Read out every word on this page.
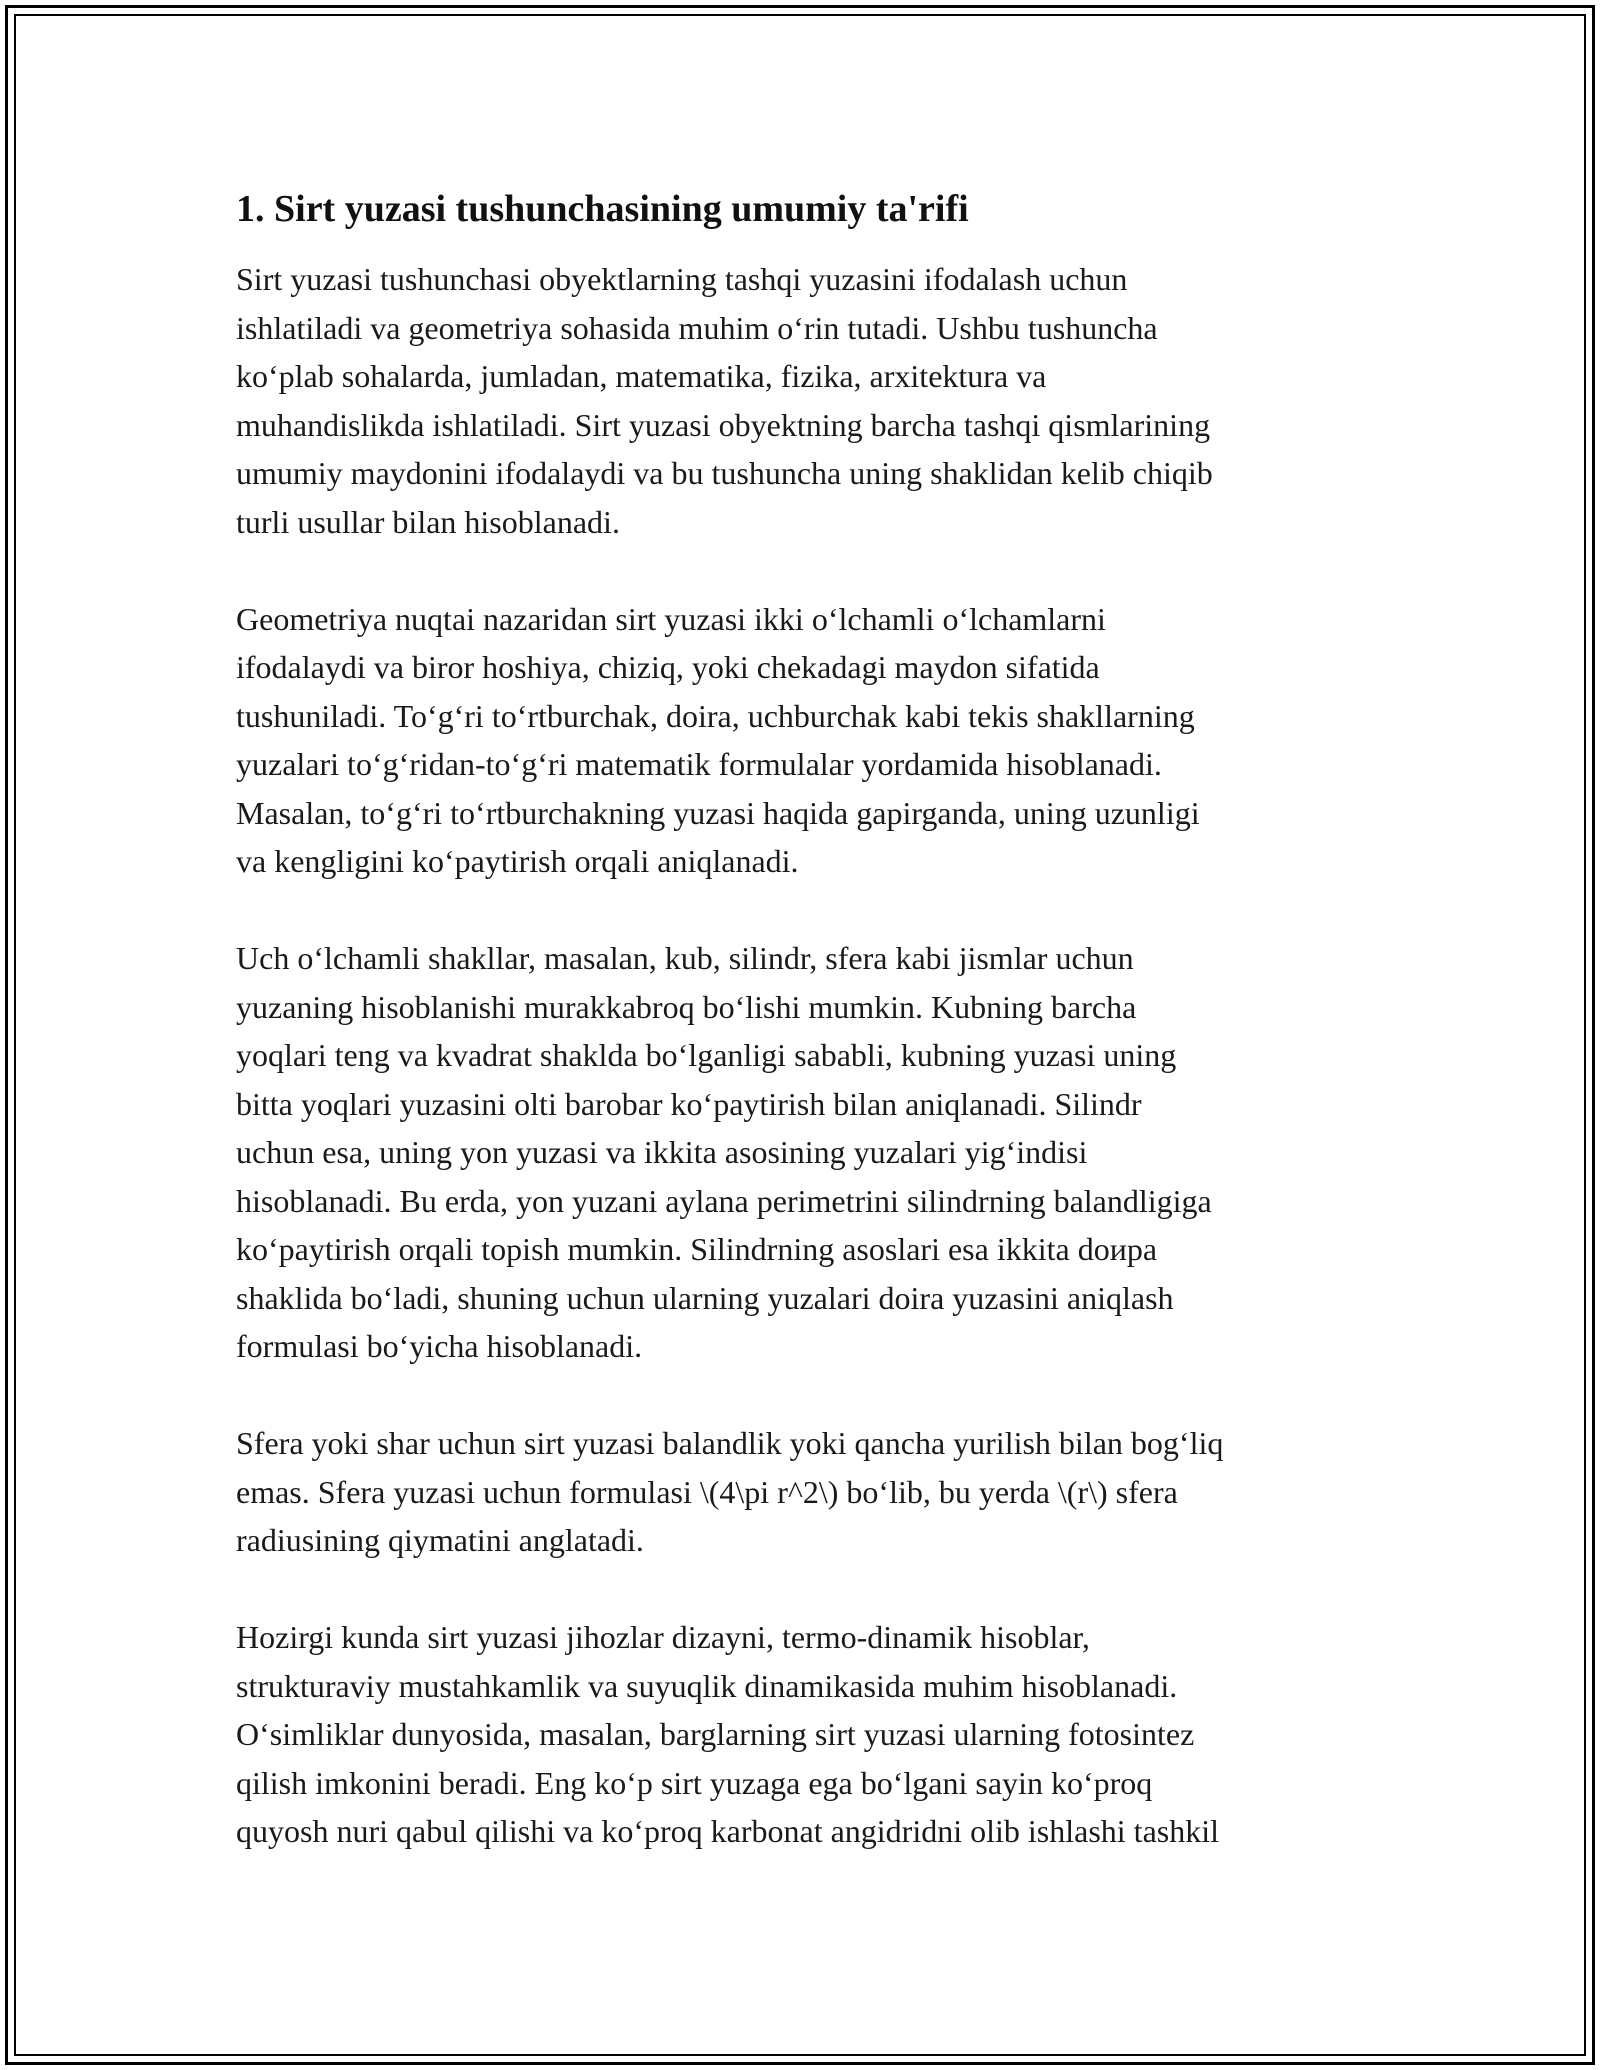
1. Sirt yuzasi tushunchasining umumiy ta'rifi

Sirt yuzasi tushunchasi obyektlarning tashqi yuzasini ifodalash uchun
ishlatiladi va geometriya sohasida muhim o‘rin tutadi. Ushbu tushuncha
ko‘plab sohalarda, jumladan, matematika, fizika, arxitektura va
muhandislikda ishlatiladi. Sirt yuzasi obyektning barcha tashqi qismlarining
umumiy maydonini ifodalaydi va bu tushuncha uning shaklidan kelib chiqib
turli usullar bilan hisoblanadi.

Geometriya nuqtai nazaridan sirt yuzasi ikki o‘lchamli o‘lchamlarni
ifodalaydi va biror hoshiya, chiziq, yoki chekadagi maydon sifatida
tushuniladi. To‘g‘ri to‘rtburchak, doira, uchburchak kabi tekis shakllarning
yuzalari to‘g‘ridan-to‘g‘ri matematik formulalar yordamida hisoblanadi.
Masalan, to‘g‘ri to‘rtburchakning yuzasi haqida gapirganda, uning uzunligi
va kengligini ko‘paytirish orqali aniqlanadi.

Uch o‘lchamli shakllar, masalan, kub, silindr, sfera kabi jismlar uchun
yuzaning hisoblanishi murakkabroq bo‘lishi mumkin. Kubning barcha
yoqlari teng va kvadrat shaklda bo‘lganligi sababli, kubning yuzasi uning
bitta yoqlari yuzasini olti barobar ko‘paytirish bilan aniqlanadi. Silindr
uchun esa, uning yon yuzasi va ikkita asosining yuzalari yig‘indisi
hisoblanadi. Bu erda, yon yuzani aylana perimetrini silindrning balandligiga
ko‘paytirish orqali topish mumkin. Silindrning asoslari esa ikkita doиpa
shaklida bo‘ladi, shuning uchun ularning yuzalari doira yuzasini aniqlash
formulasi bo‘yicha hisoblanadi.

Sfera yoki shar uchun sirt yuzasi balandlik yoki qancha yurilish bilan bog‘liq
emas. Sfera yuzasi uchun formulasi \(4\pi r^2\) bo‘lib, bu yerda \(r\) sfera
radiusining qiymatini anglatadi.

Hozirgi kunda sirt yuzasi jihozlar dizayni, termo-dinamik hisoblar,
strukturaviy mustahkamlik va suyuqlik dinamikasida muhim hisoblanadi.
O‘simliklar dunyosida, masalan, barglarning sirt yuzasi ularning fotosintez
qilish imkonini beradi. Eng ko‘p sirt yuzaga ega bo‘lgani sayin ko‘proq
quyosh nuri qabul qilishi va ko‘proq karbonat angidridni olib ishlashi tashkil
